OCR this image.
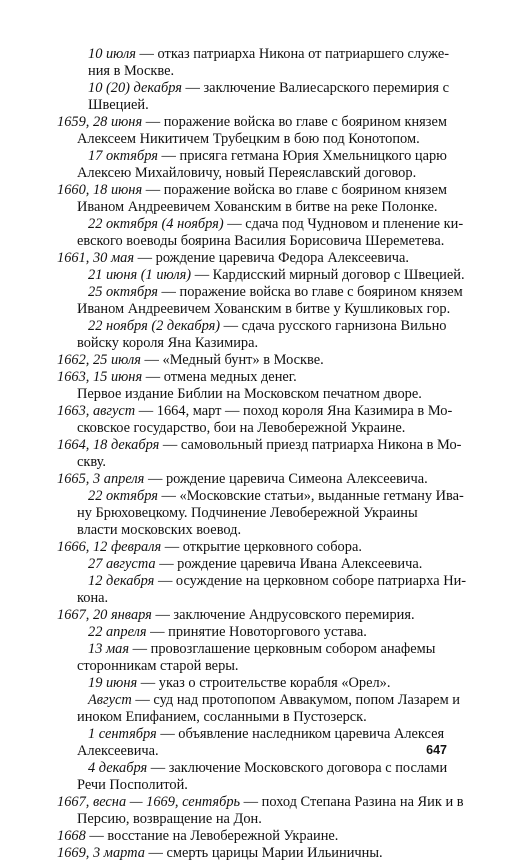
10 июля — отказ патриарха Никона от патриаршего служе-
ния в Москве.
10 (20) декабря — заключение Валиесарского перемирия с
Швецией.
1659, 28 июня — поражение войска во главе с боярином князем
Алексеем Никитичем Трубецким в бою под Конотопом.
17 октября — присяга гетмана Юрия Хмельницкого царю
Алексею Михайловичу, новый Переяславский договор.
1660, 18 июня — поражение войска во главе с боярином князем
Иваном Андреевичем Хованским в битве на реке Полонке.
22 октября (4 ноября) — сдача под Чудновом и пленение ки-
евского воеводы боярина Василия Борисовича Шереметева.
1661, 30 мая — рождение царевича Федора Алексеевича.
21 июня (1 июля) — Кардисский мирный договор с Швецией.
25 октября — поражение войска во главе с боярином князем
Иваном Андреевичем Хованским в битве у Кушликовых гор.
22 ноября (2 декабря) — сдача русского гарнизона Вильно
войску короля Яна Казимира.
1662, 25 июля — «Медный бунт» в Москве.
1663, 15 июня — отмена медных денег.
Первое издание Библии на Московском печатном дворе.
1663, август — 1664, март — поход короля Яна Казимира в Мо-
сковское государство, бои на Левобережной Украине.
1664, 18 декабря — самовольный приезд патриарха Никона в Мо-
скву.
1665, 3 апреля — рождение царевича Симеона Алексеевича.
22 октября — «Московские статьи», выданные гетману Ива-
ну Брюховецкому. Подчинение Левобережной Украины
власти московских воевод.
1666, 12 февраля — открытие церковного собора.
27 августа — рождение царевича Ивана Алексеевича.
12 декабря — осуждение на церковном соборе патриарха Ни-
кона.
1667, 20 января — заключение Андрусовского перемирия.
22 апреля — принятие Новоторгового устава.
13 мая — провозглашение церковным собором анафемы
сторонникам старой веры.
19 июня — указ о строительстве корабля «Орел».
Август — суд над протопопом Аввакумом, попом Лазарем и
иноком Епифанием, сосланными в Пустозерск.
1 сентября — объявление наследником царевича Алексея
Алексеевича.
4 декабря — заключение Московского договора с послами
Речи Посполитой.
1667, весна — 1669, сентябрь — поход Степана Разина на Яик и в
Персию, возвращение на Дон.
1668 — восстание на Левобережной Украине.
1669, 3 марта — смерть царицы Марии Ильиничны.
647
